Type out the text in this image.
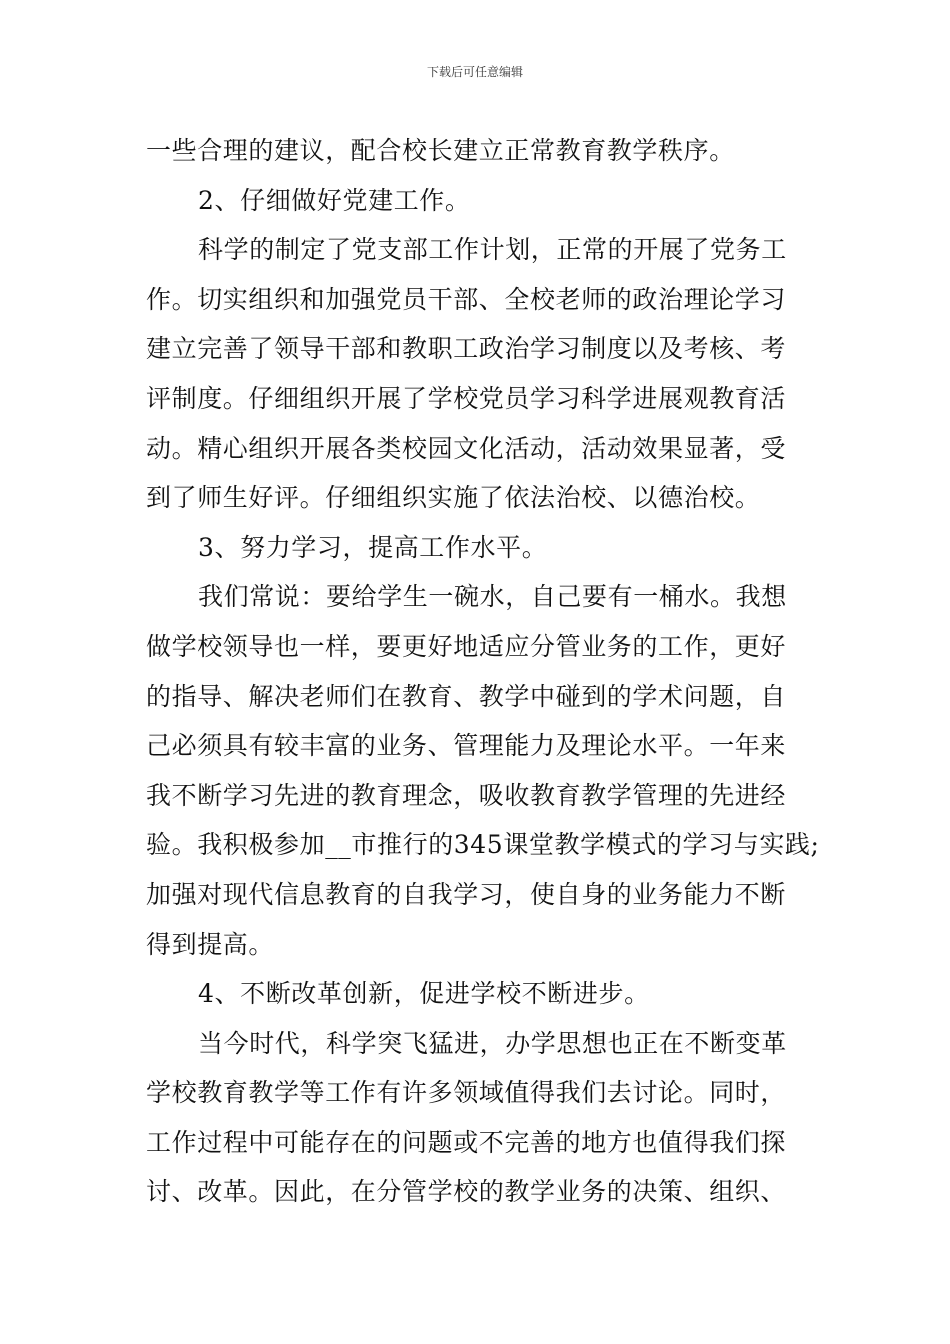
下载后可任意编辑
一些合理的建议，配合校长建立正常教育教学秩序。
2、仔细做好党建工作。
科学的制定了党支部工作计划，正常的开展了党务工
作。切实组织和加强党员干部、全校老师的政治理论学习
建立完善了领导干部和教职工政治学习制度以及考核、考
评制度。仔细组织开展了学校党员学习科学进展观教育活
动。精心组织开展各类校园文化活动，活动效果显著，受
到了师生好评。仔细组织实施了依法治校、以德治校。
3、努力学习，提高工作水平。
我们常说：要给学生一碗水，自己要有一桶水。我想
做学校领导也一样，要更好地适应分管业务的工作，更好
的指导、解决老师们在教育、教学中碰到的学术问题，自
己必须具有较丰富的业务、管理能力及理论水平。一年来
我不断学习先进的教育理念，吸收教育教学管理的先进经
验。我积极参加__市推行的345课堂教学模式的学习与实践;
加强对现代信息教育的自我学习，使自身的业务能力不断
得到提高。
4、不断改革创新，促进学校不断进步。
当今时代，科学突飞猛进，办学思想也正在不断变革
学校教育教学等工作有许多领域值得我们去讨论。同时，
工作过程中可能存在的问题或不完善的地方也值得我们探
讨、改革。因此，在分管学校的教学业务的决策、组织、
